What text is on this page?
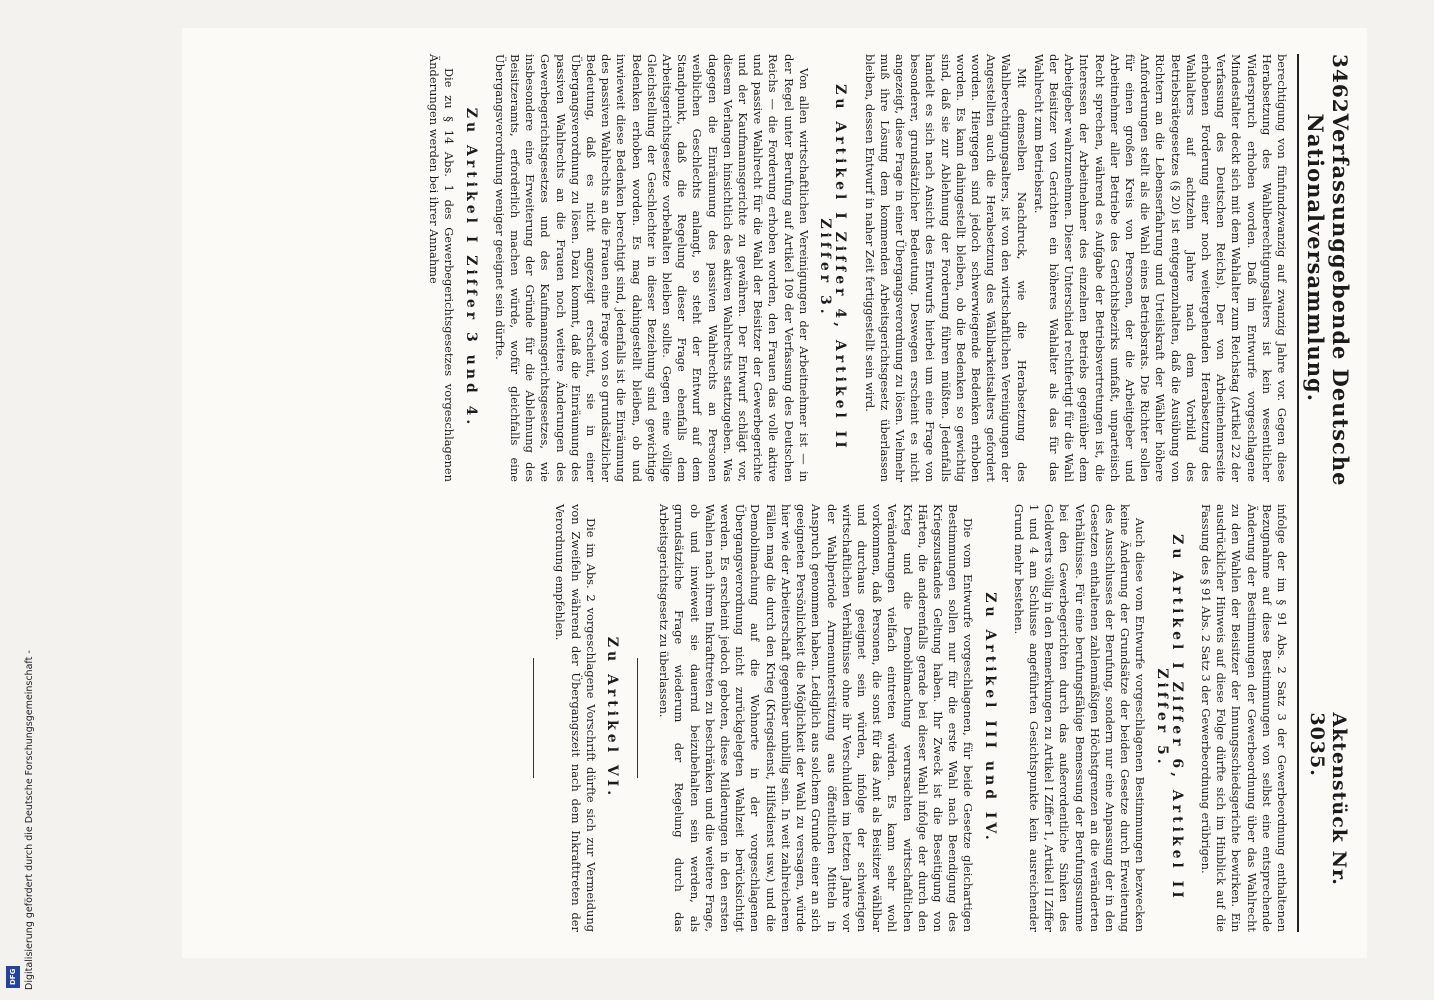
3462
Verfassunggebende Deutsche Nationalversammlung.
Aktenstück Nr. 3035.

berechtigung von fünfundzwanzig auf zwanzig Jahre vor. Gegen diese Herabsetzung des Wahlberechtigungsalters ist kein wesentlicher Widerspruch erhoben worden. Daß im Entwurfe vorgeschlagene Mindestalter deckt sich mit dem Wahlalter zum Reichstag (Artikel 22 der Verfassung des Deutschen Reichs). Der von Arbeitnehmerseite erhobenen Forderung einer noch weitergehenden Herabsetzung des Wahlalters auf achtzehn Jahre nach dem Vorbild des Betriebsrätegesetzes (§ 20) ist entgegenzuhalten, daß die Ausübung von Richtern an die Lebenserfahrung und Urteilskraft der Wähler höhere Anforderungen stellt als die Wahl eines Betriebsrats. Die Richter sollen für einen großen Kreis von Personen, der die Arbeitgeber und Arbeitnehmer aller Betriebe des Gerichtsbezirks umfaßt, unparteiisch Recht sprechen, während es Aufgabe der Betriebsvertretungen ist, die Interessen der Arbeitnehmer des einzelnen Betriebs gegenüber dem Arbeitgeber wahrzunehmen. Dieser Unterschied rechtfertigt für die Wahl der Beisitzer von Gerichten ein höheres Wahlalter als das für das Wahlrecht zum Betriebsrat.

Mit demselben Nachdruck, wie die Herabsetzung des Wahlberechtigungsalters, ist von den wirtschaftlichen Vereinigungen der Angestellten auch die Herabsetzung des Wählbarkeitsalters gefordert worden. Hiergegen sind jedoch schwerwiegende Bedenken erhoben worden. Es kann dahingestellt bleiben, ob die Bedenken so gewichtig sind, daß sie zur Ablehnung der Forderung führen müßten. Jedenfalls handelt es sich nach Ansicht des Entwurfs hierbei um eine Frage von besonderer, grundsätzlicher Bedeutung. Deswegen erscheint es nicht angezeigt, diese Frage in einer Übergangsverordnung zu lösen. Vielmehr muß ihre Lösung dem kommenden Arbeitsgerichtsgesetz überlassen bleiben, dessen Entwurf in naher Zeit fertiggestellt sein wird.

Zu Artikel I Ziffer 4, Artikel II Ziffer 3.

Von allen wirtschaftlichen Vereinigungen der Arbeitnehmer ist — in der Regel unter Berufung auf Artikel 109 der Verfassung des Deutschen Reichs — die Forderung erhoben worden, den Frauen das volle aktive und passive Wahlrecht für die Wahl der Beisitzer der Gewerbegerichte und der Kaufmannsgerichte zu gewähren. Der Entwurf schlägt vor, diesem Verlangen hinsichtlich des aktiven Wahlrechts stattzugeben. Was dagegen die Einräumung des passiven Wahlrechts an Personen weiblichen Geschlechts anlangt, so steht der Entwurf auf dem Standpunkt, daß die Regelung dieser Frage ebenfalls dem Arbeitsgerichtsgesetze vorbehalten bleiben sollte. Gegen eine völlige Gleichstellung der Geschlechter in dieser Beziehung sind gewichtige Bedenken erhoben worden. Es mag dahingestellt bleiben, ob und inwieweit diese Bedenken berechtigt sind, jedenfalls ist die Einräumung des passiven Wahlrechts an die Frauen eine Frage von so grundsätzlicher Bedeutung, daß es nicht angezeigt erscheint, sie in einer Übergangsverordnung zu lösen. Dazu kommt, daß die Einräumung des passiven Wahlrechts an die Frauen noch weitere Änderungen des Gewerbegerichtsgesetzes und des Kaufmannsgerichtsgesetzes, wie insbesondere eine Erweiterung der Gründe für die Ablehnung des Beisitzeramts, erforderlich machen würde, wofür gleichfalls eine Übergangsverordnung weniger geeignet sein dürfte.

Zu Artikel I Ziffer 3 und 4.

Die zu § 14 Abs. 1 des Gewerbegerichtsgesetzes vorgeschlagenen Änderungen werden bei ihrer Annahme

infolge der im § 91 Abs. 2 Satz 3 der Gewerbeordnung enthaltenen Bezugnahme auf diese Bestimmungen von selbst eine entsprechende Änderung der Bestimmungen der Gewerbeordnung über das Wahlrecht zu den Wahlen der Beisitzer der Innungsschiedsgerichte bewirken. Ein ausdrücklicher Hinweis auf diese Folge dürfte sich im Hinblick auf die Fassung des § 91 Abs. 2 Satz 3 der Gewerbeordnung erübrigen.

Zu Artikel I Ziffer 6, Artikel II Ziffer 5.

Auch diese vom Entwurfe vorgeschlagenen Bestimmungen bezwecken keine Änderung der Grundsätze der beiden Gesetze durch Erweiterung des Ausschlusses der Berufung, sondern nur eine Anpassung der in den Gesetzen enthaltenen zahlenmäßigen Höchstgrenzen an die veränderten Verhältnisse. Für eine berufungsfähige Bemessung der Berufungssumme bei den Gewerbegerichten durch das außerordentliche Sinken des Geldwerts völlig in den Bemerkungen zu Artikel I Ziffer 1, Artikel II Ziffer 1 und 4 am Schlusse angeführten Gesichtspunkte kein ausreichender Grund mehr bestehen.

Zu Artikel III und IV.

Die vom Entwurfe vorgeschlagenen, für beide Gesetze gleichartigen Bestimmungen sollen nur für die erste Wahl nach Beendigung des Kriegszustandes Geltung haben. Ihr Zweck ist die Beseitigung von Härten, die anderenfalls gerade bei dieser Wahl infolge der durch den Krieg und die Demobilmachung verursachten wirtschaftlichen Veränderungen vielfach eintreten würden. Es kann sehr wohl vorkommen, daß Personen, die sonst für das Amt als Beisitzer wählbar und durchaus geeignet sein würden, infolge der schwierigen wirtschaftlichen Verhältnisse ohne ihr Verschulden im letzten Jahre vor der Wahlperiode Armenunterstützung aus öffentlichen Mitteln in Anspruch genommen haben. Lediglich aus solchem Grunde einer an sich geeigneten Persönlichkeit die Möglichkeit der Wahl zu versagen, würde hier wie der Arbeiterschaft gegenüber unbillig sein. In weit zahlreicheren Fällen mag die durch den Krieg (Kriegsdienst, Hilfsdienst usw.) und die Demobilmachung auf die Wohnorte in der vorgeschlagenen Übergangsverordnung nicht zurückgelegten Wahlzeit berücksichtigt werden. Es erscheint jedoch geboten, diese Milderungen in den ersten Wahlen nach ihrem Inkrafttreten zu beschränken und die weitere Frage, ob und inwieweit sie dauernd beizubehalten sein werden, als grundsätzliche Frage wiederum der Regelung durch das Arbeitsgerichtsgesetz zu überlassen.

Zu Artikel VI.

Die im Abs. 2 vorgeschlagene Vorschrift dürfte sich zur Vermeidung von Zweifeln während der Übergangszeit nach dem Inkrafttreten der Verordnung empfehlen.

Digitalisierung gefördert durch die Deutsche Forschungsgemeinschaft -
DFG
